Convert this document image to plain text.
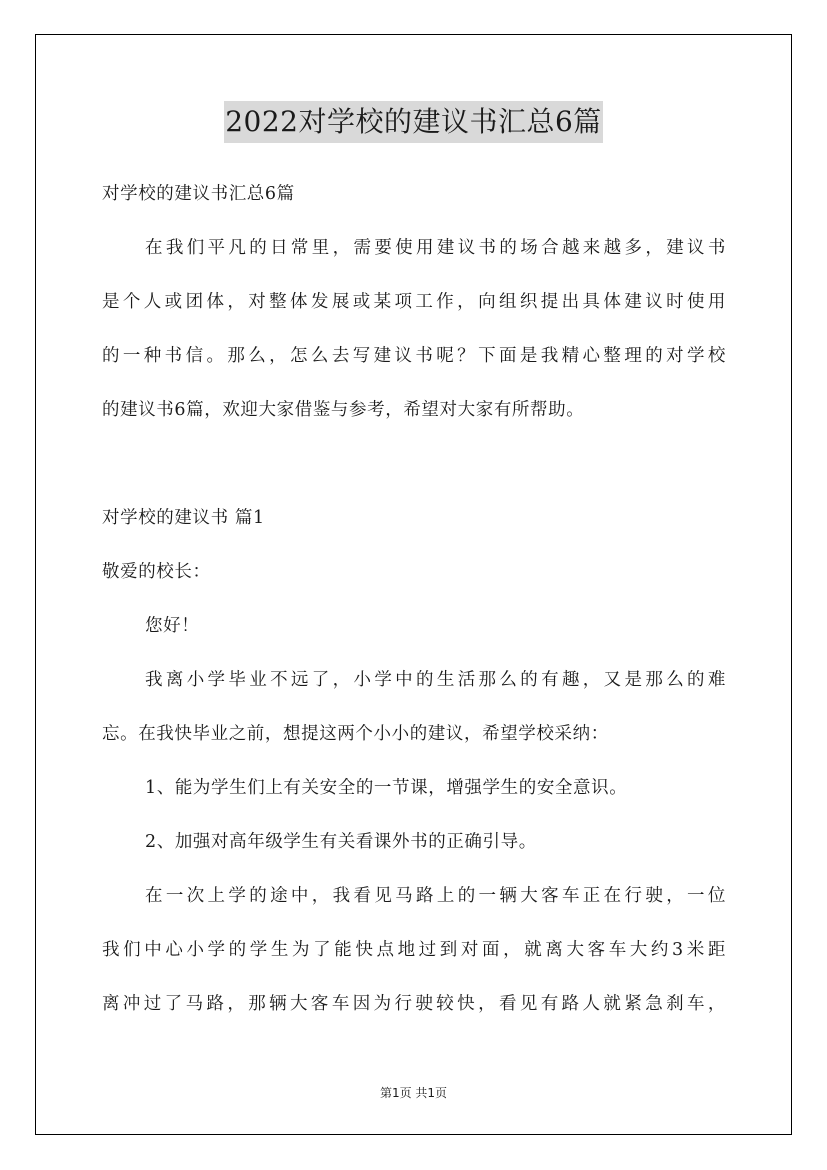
2022对学校的建议书汇总6篇
对学校的建议书汇总6篇
在我们平凡的日常里，需要使用建议书的场合越来越多，建议书
是个人或团体，对整体发展或某项工作，向组织提出具体建议时使用
的一种书信。那么，怎么去写建议书呢？下面是我精心整理的对学校
的建议书6篇，欢迎大家借鉴与参考，希望对大家有所帮助。
对学校的建议书 篇1
敬爱的校长：
您好！
我离小学毕业不远了，小学中的生活那么的有趣，又是那么的难
忘。在我快毕业之前，想提这两个小小的建议，希望学校采纳：
1、能为学生们上有关安全的一节课，增强学生的安全意识。
2、加强对高年级学生有关看课外书的正确引导。
在一次上学的途中，我看见马路上的一辆大客车正在行驶，一位
我们中心小学的学生为了能快点地过到对面，就离大客车大约3米距
离冲过了马路，那辆大客车因为行驶较快，看见有路人就紧急刹车，
第1页 共1页
